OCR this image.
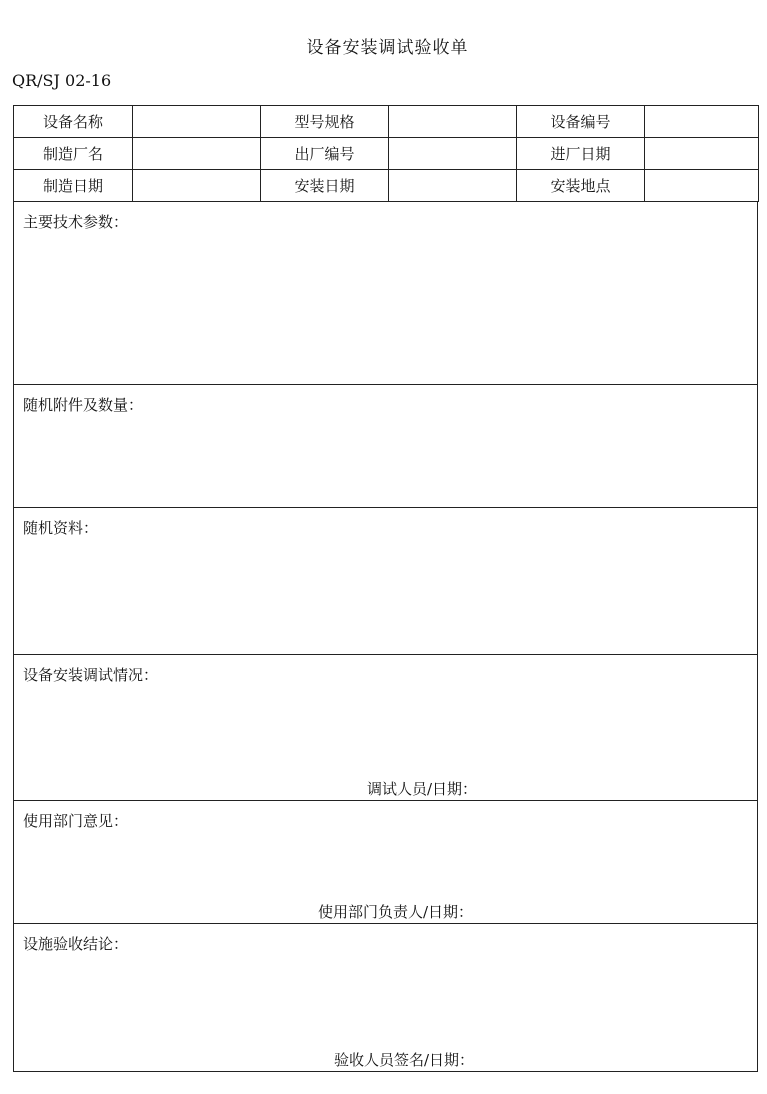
设备安装调试验收单
QR/SJ 02-16
设备名称		型号规格		设备编号	
制造厂名		出厂编号		进厂日期	
制造日期		安装日期		安装地点	
主要技术参数：
随机附件及数量：
随机资料：
设备安装调试情况：
调试人员/日期：
使用部门意见：
使用部门负责人/日期：
设施验收结论：
验收人员签名/日期：
